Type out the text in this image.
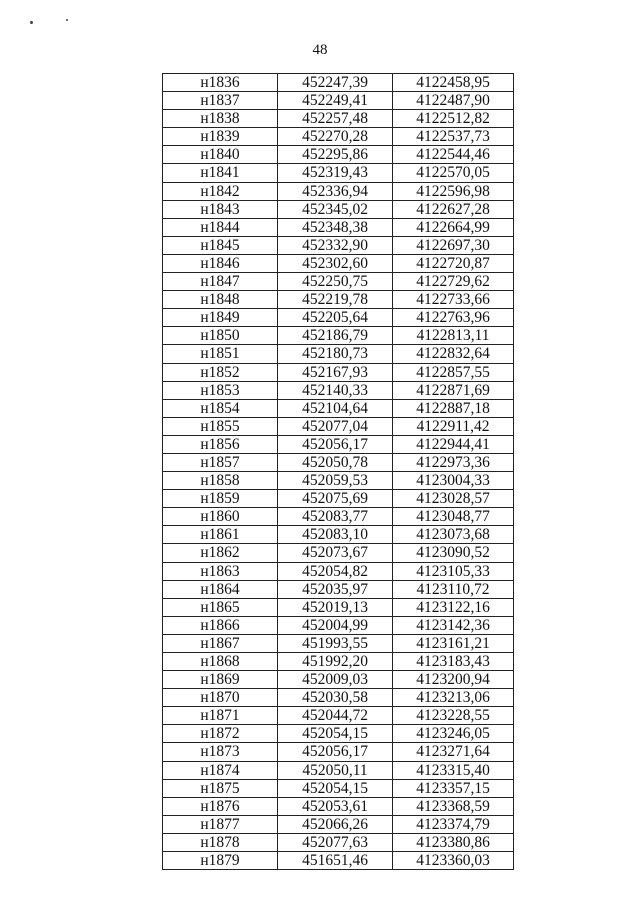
48
н1836	452247,39	4122458,95
н1837	452249,41	4122487,90
н1838	452257,48	4122512,82
н1839	452270,28	4122537,73
н1840	452295,86	4122544,46
н1841	452319,43	4122570,05
н1842	452336,94	4122596,98
н1843	452345,02	4122627,28
н1844	452348,38	4122664,99
н1845	452332,90	4122697,30
н1846	452302,60	4122720,87
н1847	452250,75	4122729,62
н1848	452219,78	4122733,66
н1849	452205,64	4122763,96
н1850	452186,79	4122813,11
н1851	452180,73	4122832,64
н1852	452167,93	4122857,55
н1853	452140,33	4122871,69
н1854	452104,64	4122887,18
н1855	452077,04	4122911,42
н1856	452056,17	4122944,41
н1857	452050,78	4122973,36
н1858	452059,53	4123004,33
н1859	452075,69	4123028,57
н1860	452083,77	4123048,77
н1861	452083,10	4123073,68
н1862	452073,67	4123090,52
н1863	452054,82	4123105,33
н1864	452035,97	4123110,72
н1865	452019,13	4123122,16
н1866	452004,99	4123142,36
н1867	451993,55	4123161,21
н1868	451992,20	4123183,43
н1869	452009,03	4123200,94
н1870	452030,58	4123213,06
н1871	452044,72	4123228,55
н1872	452054,15	4123246,05
н1873	452056,17	4123271,64
н1874	452050,11	4123315,40
н1875	452054,15	4123357,15
н1876	452053,61	4123368,59
н1877	452066,26	4123374,79
н1878	452077,63	4123380,86
н1879	451651,46	4123360,03
